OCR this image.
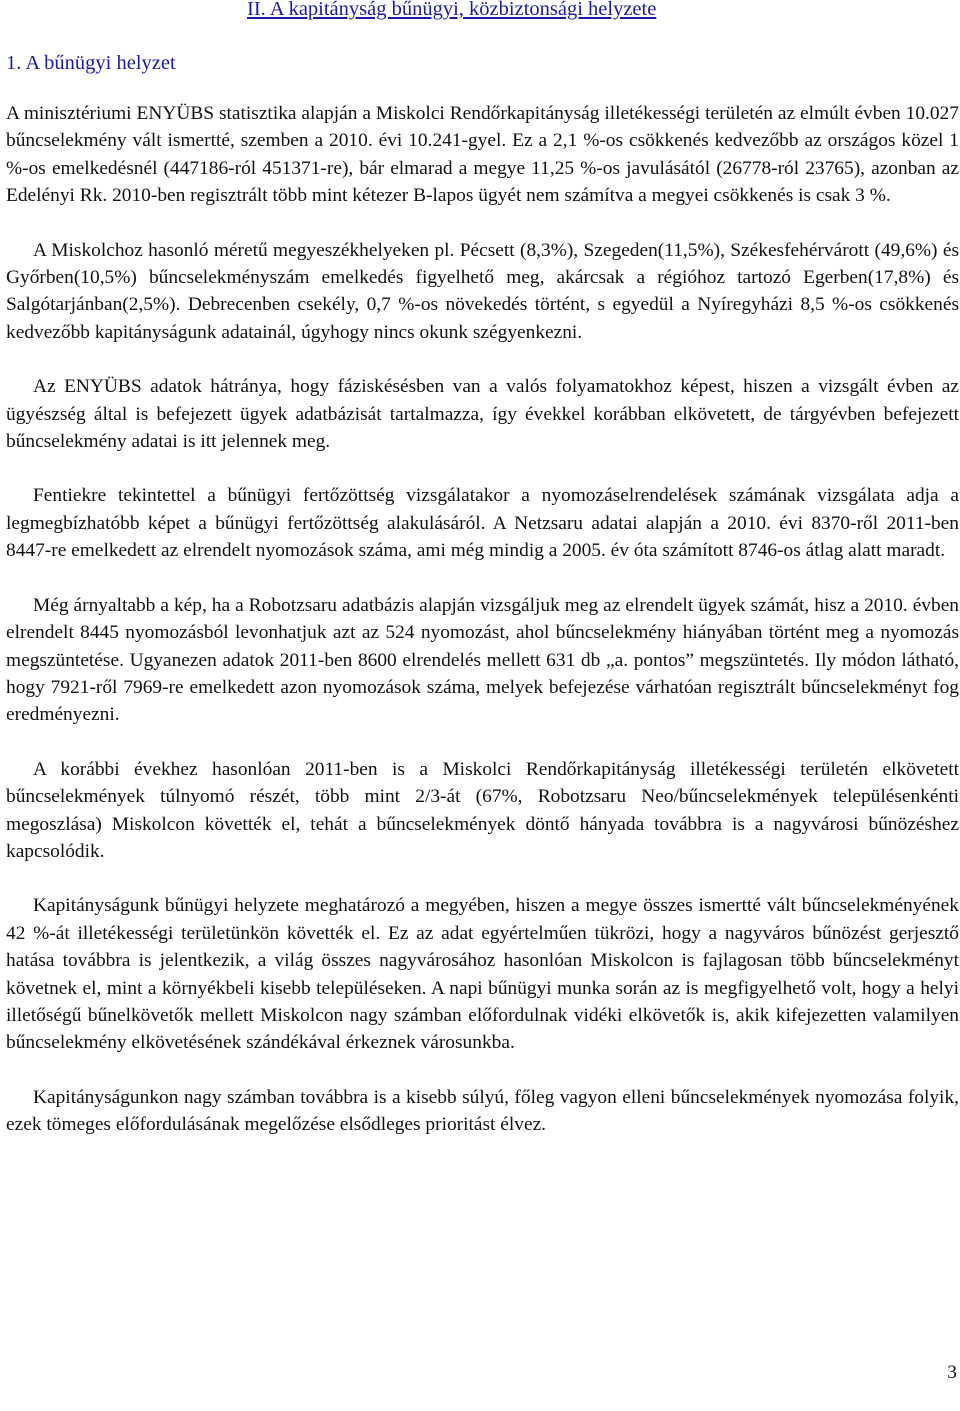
II. A kapitányság bűnügyi, közbiztonsági helyzete
1. A bűnügyi helyzet

A minisztériumi ENYÜBS statisztika alapján a Miskolci Rendőrkapitányság illetékességi területén az elmúlt évben 10.027 bűncselekmény vált ismertté, szemben a 2010. évi 10.241-gyel. Ez a 2,1 %-os csökkenés kedvezőbb az országos közel 1 %-os emelkedésnél (447186-ról 451371-re), bár elmarad a megye 11,25 %-os javulásától (26778-ról 23765), azonban az Edelényi Rk. 2010-ben regisztrált több mint kétezer B-lapos ügyét nem számítva a megyei csökkenés is csak 3 %.

A Miskolchoz hasonló méretű megyeszékhelyeken pl. Pécsett (8,3%), Szegeden(11,5%), Székesfehérvárott (49,6%) és Győrben(10,5%) bűncselekményszám emelkedés figyelhető meg, akárcsak a régióhoz tartozó Egerben(17,8%) és Salgótarjánban(2,5%). Debrecenben csekély, 0,7 %-os növekedés történt, s egyedül a Nyíregyházi 8,5 %-os csökkenés kedvezőbb kapitányságunk adatainál, úgyhogy nincs okunk szégyenkezni.

Az ENYÜBS adatok hátránya, hogy fáziskésésben van a valós folyamatokhoz képest, hiszen a vizsgált évben az ügyészség által is befejezett ügyek adatbázisát tartalmazza, így évekkel korábban elkövetett, de tárgyévben befejezett bűncselekmény adatai is itt jelennek meg.

Fentiekre tekintettel a bűnügyi fertőzöttség vizsgálatakor a nyomozáselrendelések számának vizsgálata adja a legmegbízhatóbb képet a bűnügyi fertőzöttség alakulásáról. A Netzsaru adatai alapján a 2010. évi 8370-ről 2011-ben 8447-re emelkedett az elrendelt nyomozások száma, ami még mindig a 2005. év óta számított 8746-os átlag alatt maradt.

Még árnyaltabb a kép, ha a Robotzsaru adatbázis alapján vizsgáljuk meg az elrendelt ügyek számát, hisz a 2010. évben elrendelt 8445 nyomozásból levonhatjuk azt az 524 nyomozást, ahol bűncselekmény hiányában történt meg a nyomozás megszüntetése. Ugyanezen adatok 2011-ben 8600 elrendelés mellett 631 db „a. pontos” megszüntetés. Ily módon látható, hogy 7921-ről 7969-re emelkedett azon nyomozások száma, melyek befejezése várhatóan regisztrált bűncselekményt fog eredményezni.

A korábbi évekhez hasonlóan 2011-ben is a Miskolci Rendőrkapitányság illetékességi területén elkövetett bűncselekmények túlnyomó részét, több mint 2/3-át (67%, Robotzsaru Neo/bűncselekmények településenkénti megoszlása) Miskolcon követték el, tehát a bűncselekmények döntő hányada továbbra is a nagyvárosi bűnözéshez kapcsolódik.

Kapitányságunk bűnügyi helyzete meghatározó a megyében, hiszen a megye összes ismertté vált bűncselekményének 42 %-át illetékességi területünkön követték el. Ez az adat egyértelműen tükrözi, hogy a nagyváros bűnözést gerjesztő hatása továbbra is jelentkezik, a világ összes nagyvárosához hasonlóan Miskolcon is fajlagosan több bűncselekményt követnek el, mint a környékbeli kisebb településeken. A napi bűnügyi munka során az is megfigyelhető volt, hogy a helyi illetőségű bűnelkövetők mellett Miskolcon nagy számban előfordulnak vidéki elkövetők is, akik kifejezetten valamilyen bűncselekmény elkövetésének szándékával érkeznek városunkba.

Kapitányságunkon nagy számban továbbra is a kisebb súlyú, főleg vagyon elleni bűncselekmények nyomozása folyik, ezek tömeges előfordulásának megelőzése elsődleges prioritást élvez.

3
